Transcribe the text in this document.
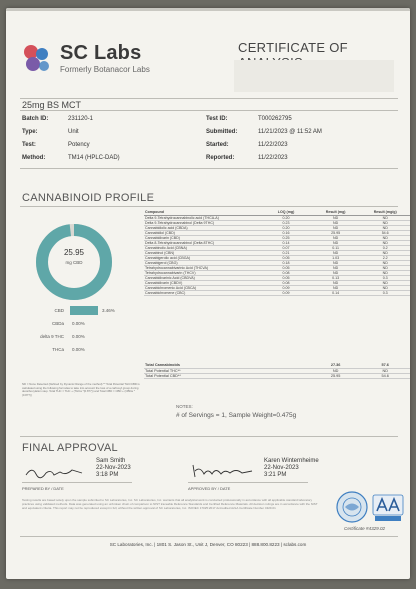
SC Labs
Formerly Botanacor Labs
CERTIFICATE OF
25mg BS MCT
Batch ID:	231120-1
Type:	Unit
Test:	Potency
Method:	TM14 (HPLC-DAD)
Test ID:	T000262795
Submitted:	11/21/2023 @ 11:52 AM
Started:	11/22/2023
Reported:	11/22/2023
CANNABINOID PROFILE
25.95
mg CBD
CBD	3.46%
CBDa 0.00%
delta 9 THC 0.00%
THCa 0.00%
Compound	LOQ (mg)	Result (mg)	Result (mg/g)
Delta 9-Tetrahydrocannabinolic acid (THCA-A)	0.20	ND	ND
Delta 9-Tetrahydrocannabinol (Delta 9THC)	0.23	ND	ND
Cannabidiolic acid (CBDA)	0.20	ND	ND
Cannabidiol (CBD)	0.16	25.95	54.6
Cannabidivarin (CBD)	0.25	ND	ND
Delta 8-Tetrahydrocannabinol (Delta 8THC)	0.14	ND	ND
Cannabinolic Acid (CBNA)	0.07	0.11	0.2
Cannabinol (CBN)	0.21	ND	ND
Cannabigerolic acid (CBGA)	0.05	1.03	2.2
Cannabigerol (CBG)	0.18	ND	ND
Tetrahydrocannabivarinic Acid (THCVA)	0.05	ND	ND
Tetrahydrocannabivarin (THCV)	0.08	ND	ND
Cannabidivarinic Acid (CBDVA)	0.05	0.13	0.3
Cannabidivarin (CBDV)	0.08	ND	ND
Cannabichromenic Acid (CBCA)	0.09	ND	ND
Cannabichromene (CBC)	0.09	0.14	0.3
Total Cannabinoids		27.36	57.6
Total Potential THC**		ND	ND
Total Potential CBD**		25.95	54.6
ND = None Detected (Defined by Dynamic Range of the method) ** Total Potential THC/CBD is calculated using the following formulas to take into account the loss of a carboxyl group during decarboxylation step. Total THC = THC + (THCa *(0.877)) and Total CBD = CBD + (CBDa *(0.877))
NOTES:
# of Servings = 1, Sample Weight=0.475g
FINAL APPROVAL
Sam Smith
22-Nov-2023
3:18 PM
PREPARED BY / DATE
Karen Winternheime
22-Nov-2023
3:21 PM
APPROVED BY / DATE
Testing results are based solely upon the sample submitted to SC Laboratories, Inc. SC Laboratories, Inc. warrants that all analytical work is conducted professionally in accordance with all applicable standard laboratory practices using validated methods. Data was generated using an unbroken chain of comparison to NIST traceable Reference Standards and Certified Reference Materials. All decision rulings are in accordance with the NIST and equivalent criteria. This report may not be reproduced except in full, without the written approval of SC Laboratories, Inc. ISO/IEC 17025:2017 Accredited A2LA Certificate Number 4329.01
Certificate #4329.02
SC Laboratories, Inc. | 1801 S. Jason St., Unit J, Denver, CO 80223 | 888.800.8223 | sclabs.com
